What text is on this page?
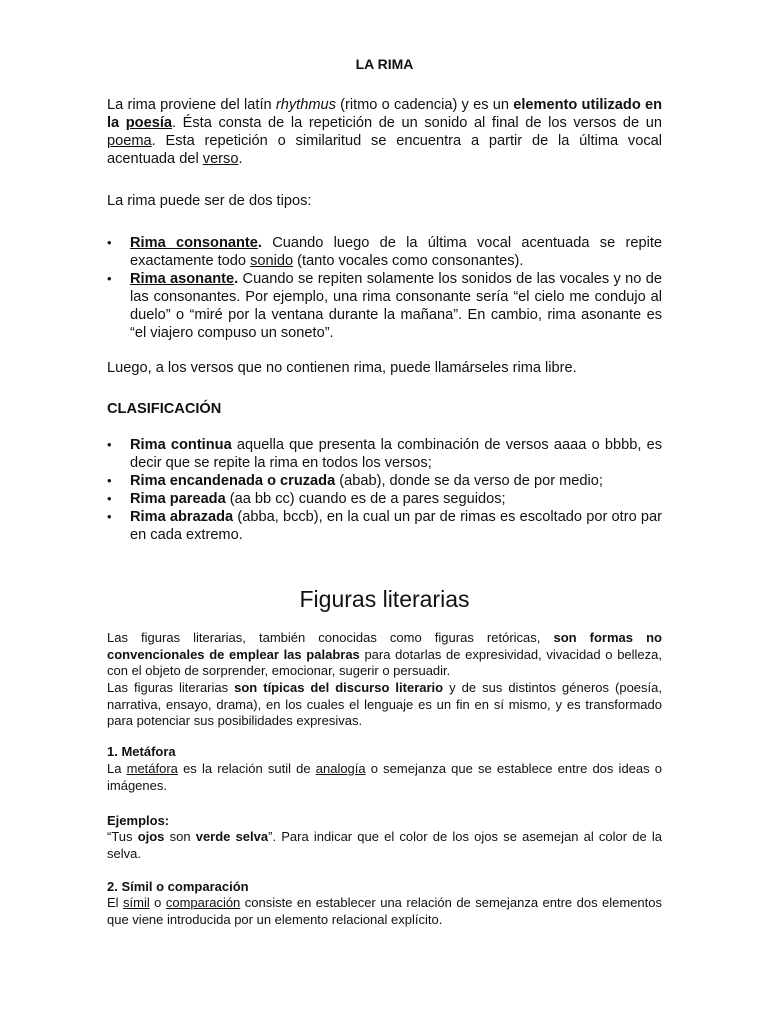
LA RIMA

La rima proviene del latín rhythmus (ritmo o cadencia) y es un elemento utilizado en la poesía. Ésta consta de la repetición de un sonido al final de los versos de un poema. Esta repetición o similaritud se encuentra a partir de la última vocal acentuada del verso.

La rima puede ser de dos tipos:

• Rima consonante. Cuando luego de la última vocal acentuada se repite exactamente todo sonido (tanto vocales como consonantes).
• Rima asonante. Cuando se repiten solamente los sonidos de las vocales y no de las consonantes. Por ejemplo, una rima consonante sería “el cielo me condujo al duelo” o “miré por la ventana durante la mañana”. En cambio, rima asonante es “el viajero compuso un soneto”.

Luego, a los versos que no contienen rima, puede llamárseles rima libre.

CLASIFICACIÓN
• Rima continua aquella que presenta la combinación de versos aaaa o bbbb, es decir que se repite la rima en todos los versos;
• Rima encandenada o cruzada (abab), donde se da verso de por medio;
• Rima pareada (aa bb cc) cuando es de a pares seguidos;
• Rima abrazada (abba, bccb), en la cual un par de rimas es escoltado por otro par en cada extremo.
Figuras literarias

Las figuras literarias, también conocidas como figuras retóricas, son formas no convencionales de emplear las palabras para dotarlas de expresividad, vivacidad o belleza, con el objeto de sorprender, emocionar, sugerir o persuadir.

Las figuras literarias son típicas del discurso literario y de sus distintos géneros (poesía, narrativa, ensayo, drama), en los cuales el lenguaje es un fin en sí mismo, y es transformado para potenciar sus posibilidades expresivas.

1. Metáfora

La metáfora es la relación sutil de analogía o semejanza que se establece entre dos ideas o imágenes.

Ejemplos:

“Tus ojos son verde selva”. Para indicar que el color de los ojos se asemejan al color de la selva.

2. Símil o comparación

El símil o comparación consiste en establecer una relación de semejanza entre dos elementos que viene introducida por un elemento relacional explícito.
